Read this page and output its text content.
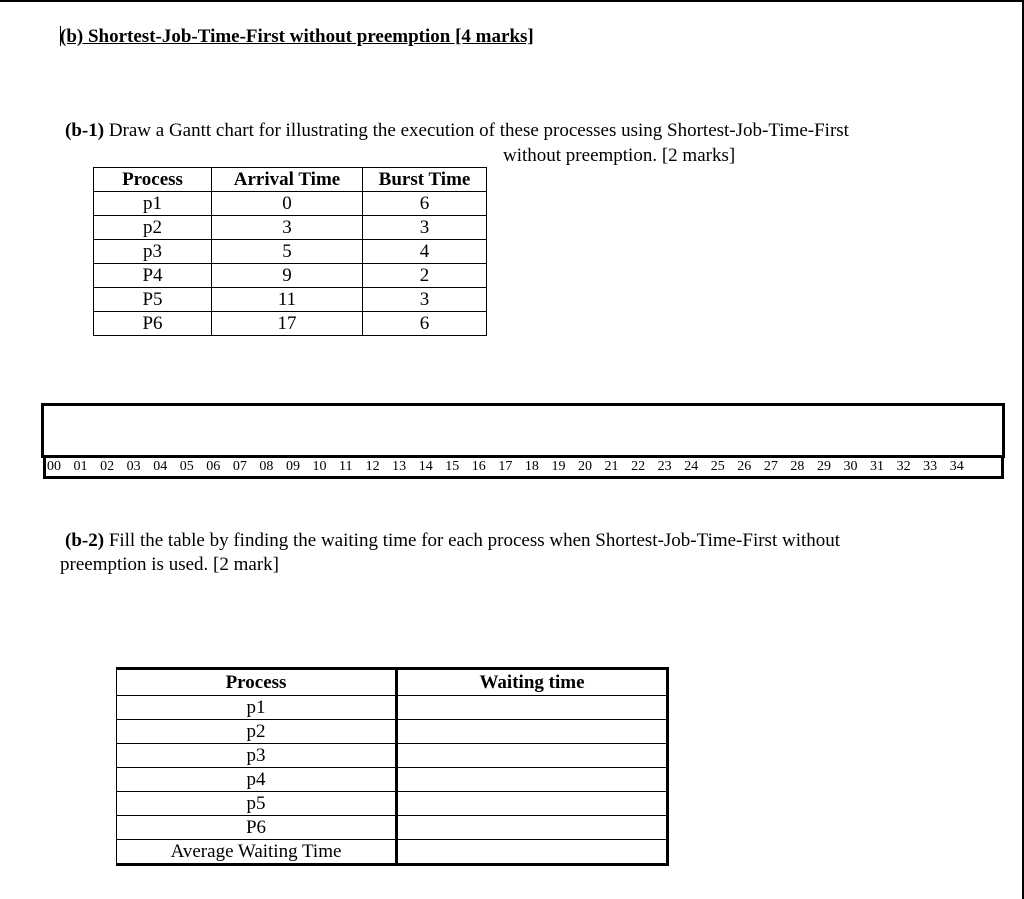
(b) Shortest-Job-Time-First without preemption [4 marks]
(b-1) Draw a Gantt chart for illustrating the execution of these processes using Shortest-Job-Time-First
without preemption. [2 marks]
Process	Arrival Time	Burst Time
p1	0	6
p2	3	3
p3	5	4
P4	9	2
P5	11	3
P6	17	6
00 01 02 03 04 05 06 07 08 09 10 11 12 13 14 15 16 17 18 19 20 21 22 23 24 25 26 27 28 29 30 31 32 33 34
(b-2) Fill the table by finding the waiting time for each process when Shortest-Job-Time-First without
preemption is used. [2 mark]
Process	Waiting time
p1	
p2	
p3	
p4	
p5	
P6	
Average Waiting Time	
